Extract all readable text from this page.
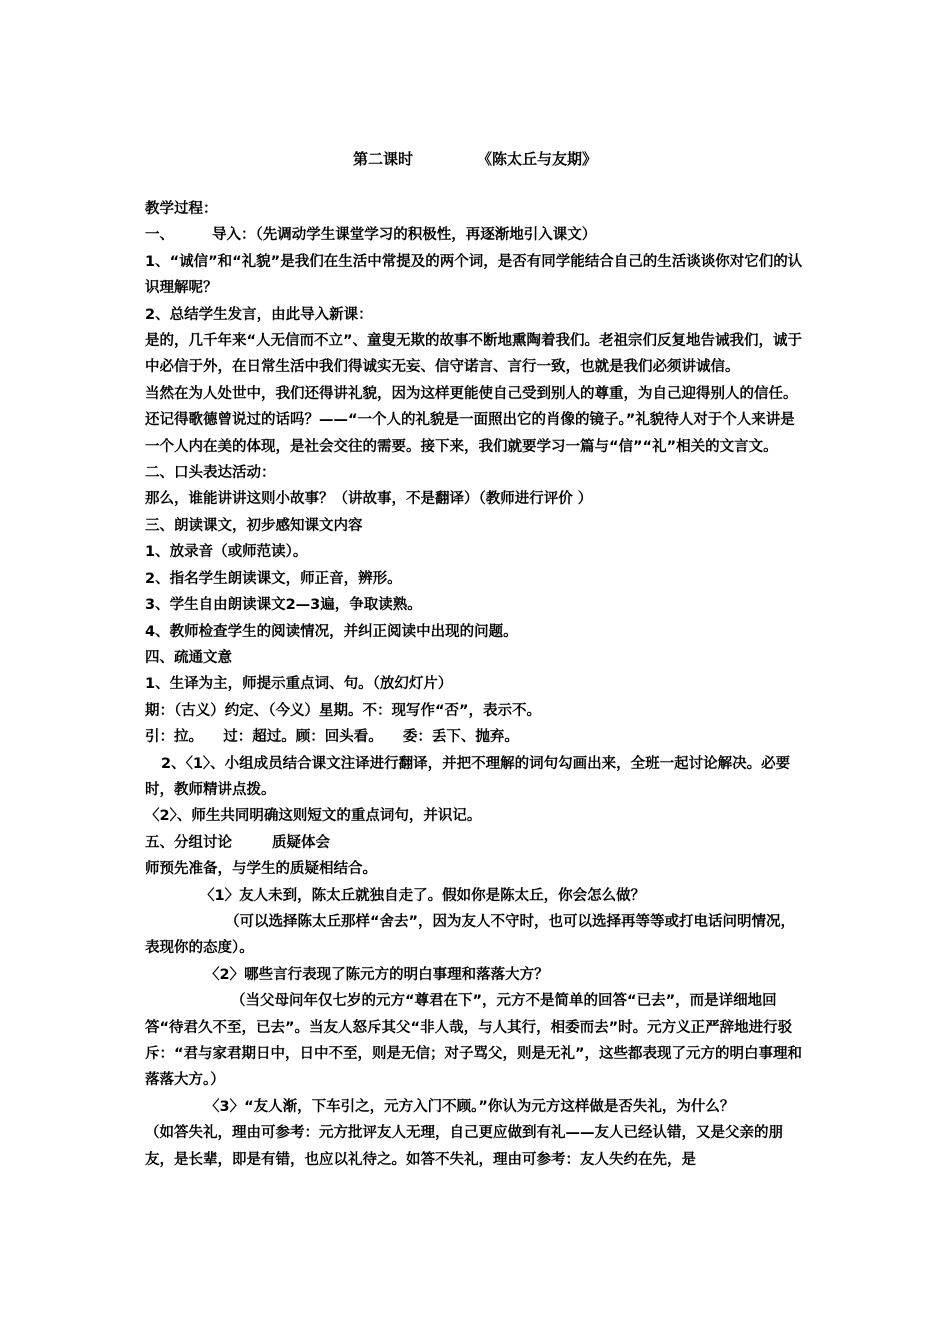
第二课时	《陈太丘与友期》

教学过程：

一、	导入：（先调动学生课堂学习的积极性，再逐渐地引入课文）

1、“诚信”和“礼貌”是我们在生活中常提及的两个词，是否有同学能结合自己的生活谈谈你对它们的认识理解呢？

2、总结学生发言，由此导入新课：

是的，几千年来“人无信而不立”、童叟无欺的故事不断地熏陶着我们。老祖宗们反复地告诫我们，诚于中必信于外，在日常生活中我们得诚实无妄、信守诺言、言行一致，也就是我们必须讲诚信。

当然在为人处世中，我们还得讲礼貌，因为这样更能使自己受到别人的尊重，为自己迎得别人的信任。还记得歌德曾说过的话吗？——“一个人的礼貌是一面照出它的肖像的镜子。”礼貌待人对于个人来讲是一个人内在美的体现，是社会交往的需要。接下来，我们就要学习一篇与“信”“礼”相关的文言文。

二、口头表达活动：

那么，谁能讲讲这则小故事？（讲故事，不是翻译）（教师进行评价 ）

三、朗读课文，初步感知课文内容

1、放录音（或师范读）。

2、指名学生朗读课文，师正音，辨形。

3、学生自由朗读课文2—3遍，争取读熟。

4、教师检查学生的阅读情况，并纠正阅读中出现的问题。

四、疏通文意

1、生译为主，师提示重点词、句。（放幻灯片）

期：（古义）约定、（今义）星期。不：现写作“否”，表示不。

引：拉。    过：超过。顾：回头看。    委：丢下、抛弃。

2、〈1〉、小组成员结合课文注译进行翻译，并把不理解的词句勾画出来，全班一起讨论解决。必要时，教师精讲点拨。

〈2〉、师生共同明确这则短文的重点词句，并识记。

五、分组讨论	质疑体会

师预先准备，与学生的质疑相结合。

〈1〉友人未到，陈太丘就独自走了。假如你是陈太丘，你会怎么做？

（可以选择陈太丘那样“舍去”，因为友人不守时，也可以选择再等等或打电话问明情况，表现你的态度）。

〈2〉哪些言行表现了陈元方的明白事理和落落大方？

（当父母问年仅七岁的元方“尊君在下”，元方不是简单的回答“已去”，而是详细地回答“待君久不至，已去”。当友人怒斥其父“非人哉，与人其行，相委而去”时。元方义正严辞地进行驳斥：“君与家君期日中，日中不至，则是无信；对子骂父，则是无礼”，这些都表现了元方的明白事理和落落大方。）

〈3〉“友人渐，下车引之，元方入门不顾。”你认为元方这样做是否失礼，为什么？

（如答失礼，理由可参考：元方批评友人无理，自己更应做到有礼——友人已经认错，又是父亲的朋友，是长辈，即是有错，也应以礼待之。如答不失礼，理由可参考：友人失约在先，是
